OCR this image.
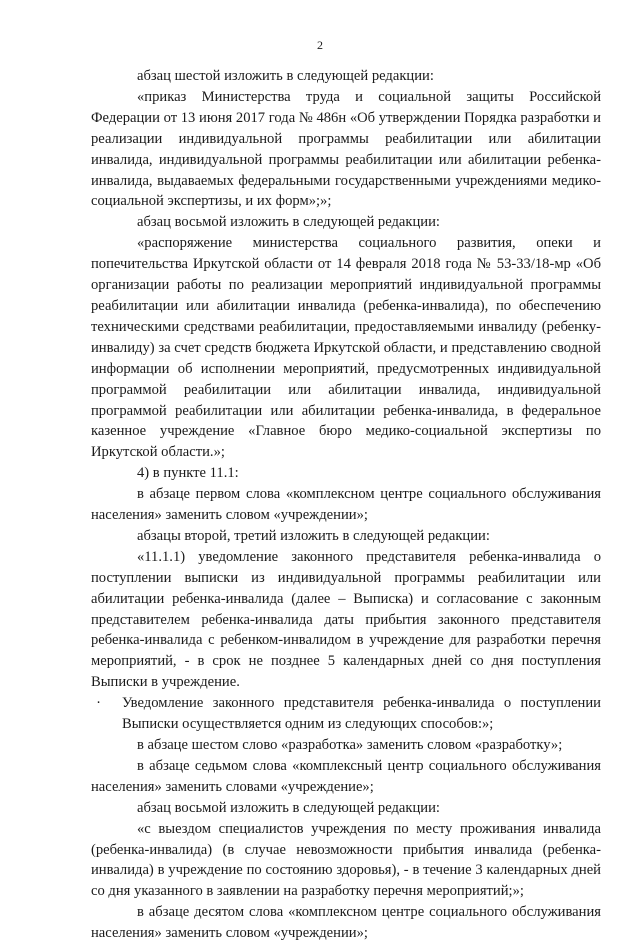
2

абзац шестой изложить в следующей редакции:

«приказ Министерства труда и социальной защиты Российской Федерации от 13 июня 2017 года № 486н «Об утверждении Порядка разработки и реализации индивидуальной программы реабилитации или абилитации инвалида, индивидуальной программы реабилитации или абилитации ребенка-инвалида, выдаваемых федеральными государственными учреждениями медико-социальной экспертизы, и их форм»;»;

абзац восьмой изложить в следующей редакции:

«распоряжение министерства социального развития, опеки и попечительства Иркутской области от 14 февраля 2018 года № 53-33/18-мр «Об организации работы по реализации мероприятий индивидуальной программы реабилитации или абилитации инвалида (ребенка-инвалида), по обеспечению техническими средствами реабилитации, предоставляемыми инвалиду (ребенку-инвалиду) за счет средств бюджета Иркутской области, и представлению сводной информации об исполнении мероприятий, предусмотренных индивидуальной программой реабилитации или абилитации инвалида, индивидуальной программой реабилитации или абилитации ребенка-инвалида, в федеральное казенное учреждение «Главное бюро медико-социальной экспертизы по Иркутской области.»;

4) в пункте 11.1:

в абзаце первом слова «комплексном центре социального обслуживания населения» заменить словом «учреждении»;

абзацы второй, третий изложить в следующей редакции:

«11.1.1) уведомление законного представителя ребенка-инвалида о поступлении выписки из индивидуальной программы реабилитации или абилитации ребенка-инвалида (далее – Выписка) и согласование с законным представителем ребенка-инвалида даты прибытия законного представителя ребенка-инвалида с ребенком-инвалидом в учреждение для разработки перечня мероприятий, - в срок не позднее 5 календарных дней со дня поступления Выписки в учреждение.

· Уведомление законного представителя ребенка-инвалида о поступлении Выписки осуществляется одним из следующих способов:»;

в абзаце шестом слово «разработка» заменить словом «разработку»;

в абзаце седьмом слова «комплексный центр социального обслуживания населения» заменить словами «учреждение»;

абзац восьмой изложить в следующей редакции:

«с выездом специалистов учреждения по месту проживания инвалида (ребенка-инвалида) (в случае невозможности прибытия инвалида (ребенка-инвалида) в учреждение по состоянию здоровья), - в течение 3 календарных дней со дня указанного в заявлении на разработку перечня мероприятий;»;

в абзаце десятом слова «комплексном центре социального обслуживания населения» заменить словом «учреждении»;
